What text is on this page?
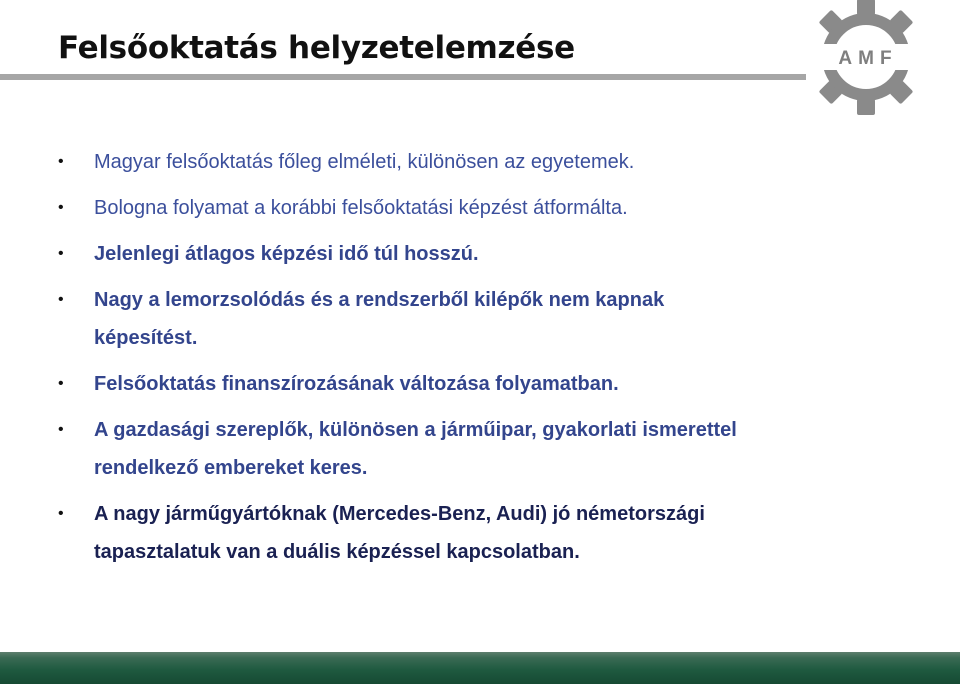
Felsőoktatás helyzetelemzése	AMF
• Magyar felsőoktatás főleg elméleti, különösen az egyetemek.
• Bologna folyamat a korábbi felsőoktatási képzést átformálta.
• Jelenlegi átlagos képzési idő túl hosszú.
• Nagy a lemorzsolódás és a rendszerből kilépők nem kapnak
képesítést.
• Felsőoktatás finanszírozásának változása folyamatban.
• A gazdasági szereplők, különösen a járműipar, gyakorlati ismerettel
rendelkező embereket keres.
• A nagy járműgyártóknak (Mercedes-Benz, Audi) jó németországi
tapasztalatuk van a duális képzéssel kapcsolatban.
